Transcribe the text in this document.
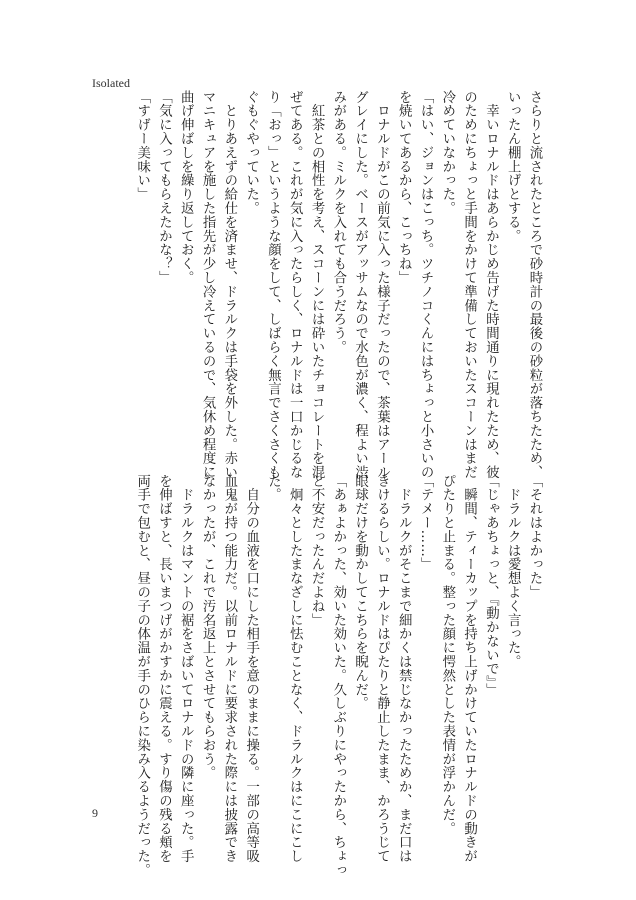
Isolated
さらりと流されたところで砂時計の最後の砂粒が落ちたため、
いったん棚上げとする。
　幸いロナルドはあらかじめ告げた時間通りに現れたため、彼
のためにちょっと手間をかけて準備しておいたスコーンはまだ
冷めていなかった。
「はい、ジョンはこっち。ツチノコくんにはちょっと小さいの
を焼いてあるから、こっちね」
　ロナルドがこの前気に入った様子だったので、茶葉はアール
グレイにした。ベースがアッサムなので水色が濃く、程よい渋
みがある。ミルクを入れても合うだろう。
　紅茶との相性を考え、スコーンには砕いたチョコレートを混
ぜてある。これが気に入ったらしく、ロナルドは一口かじるな
り「おっ」というような顔をして、しばらく無言でさくさくも
ぐもぐやっていた。
　とりあえずの給仕を済ませ、ドラルクは手袋を外した。赤い
マニキュアを施した指先が少し冷えているので、気休め程度に
曲げ伸ばしを繰り返しておく。
「気に入ってもらえたかな？」
「すげー美味い」
「それはよかった」
　ドラルクは愛想よく言った。
「じゃあちょっと、『動かないで』」
　瞬間、ティーカップを持ち上げかけていたロナルドの動きが
ぴたりと止まる。整った顔に愕然とした表情が浮かんだ。
「テメー……」
　ドラルクがそこまで細かくは禁じなかったためか、まだ口は
きけるらしい。ロナルドはぴたりと静止したまま、かろうじて
眼球だけを動かしてこちらを睨んだ。
「あぁよかった、効いた効いた。久しぶりにやったから、ちょっ
と不安だったんだよね」
　炯々としたまなざしに怯むことなく、ドラルクはにこにこし
た。
　自分の血液を口にした相手を意のままに操る。一部の高等吸
血鬼が持つ能力だ。以前ロナルドに要求された際には披露でき
なかったが、これで汚名返上とさせてもらおう。
　ドラルクはマントの裾をさばいてロナルドの隣に座った。手
を伸ばすと、長いまつげがかすかに震える。すり傷の残る頬を
両手で包むと、昼の子の体温が手のひらに染み入るようだった。
9
